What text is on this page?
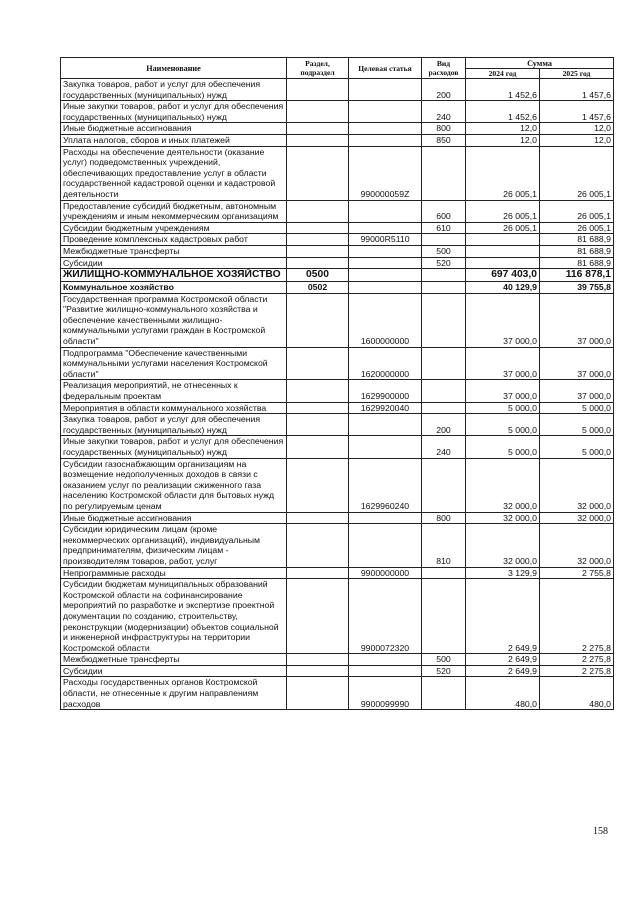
Наименование	Раздел, подраздел	Целевая статья	Вид расходов	Сумма	
				2024 год	2025 год
Закупка товаров, работ и услуг для обеспечения государственных (муниципальных) нужд			200	1 452,6	1 457,6
Иные закупки товаров, работ и услуг для обеспечения государственных (муниципальных) нужд			240	1 452,6	1 457,6
Иные бюджетные ассигнования			800	12,0	12,0
Уплата налогов, сборов и иных платежей			850	12,0	12,0
Расходы на обеспечение деятельности (оказание услуг) подведомственных учреждений, обеспечивающих предоставление услуг в области государственной кадастровой оценки и кадастровой деятельности		990000059Z		26 005,1	26 005,1
Предоставление субсидий бюджетным, автономным учреждениям и иным некоммерческим организациям			600	26 005,1	26 005,1
Субсидии бюджетным учреждениям			610	26 005,1	26 005,1
Проведение комплексных кадастровых работ		99000R5110			81 688,9
Межбюджетные трансферты			500		81 688,9
Субсидии			520		81 688,9
ЖИЛИЩНО-КОММУНАЛЬНОЕ ХОЗЯЙСТВО	0500			697 403,0	116 878,1
Коммунальное хозяйство	0502			40 129,9	39 755,8
Государственная программа Костромской области "Развитие жилищно-коммунального хозяйства и обеспечение качественными жилищно-коммунальными услугами граждан в Костромской области"		1600000000		37 000,0	37 000,0
Подпрограмма "Обеспечение качественными коммунальными услугами населения Костромской области"		1620000000		37 000,0	37 000,0
Реализация мероприятий, не отнесенных к федеральным проектам		1629900000		37 000,0	37 000,0
Мероприятия в области коммунального хозяйства		1629920040		5 000,0	5 000,0
Закупка товаров, работ и услуг для обеспечения государственных (муниципальных) нужд			200	5 000,0	5 000,0
Иные закупки товаров, работ и услуг для обеспечения государственных (муниципальных) нужд			240	5 000,0	5 000,0
Субсидии газоснабжающим организациям на возмещение недополученных доходов в связи с оказанием услуг по реализации сжиженного газа населению Костромской области для бытовых нужд по регулируемым ценам		1629960240		32 000,0	32 000,0
Иные бюджетные ассигнования			800	32 000,0	32 000,0
Субсидии юридическим лицам (кроме некоммерческих организаций), индивидуальным предпринимателям, физическим лицам - производителям товаров, работ, услуг			810	32 000,0	32 000,0
Непрограммные расходы		9900000000		3 129,9	2 755,8
Субсидии бюджетам муниципальных образований Костромской области на софинансирование мероприятий по разработке и экспертизе проектной документации по созданию, строительству, реконструкции (модернизации) объектов социальной и инженерной инфраструктуры на территории Костромской области		9900072320		2 649,9	2 275,8
Межбюджетные трансферты			500	2 649,9	2 275,8
Субсидии			520	2 649,9	2 275,8
Расходы государственных органов Костромской области, не отнесенные к другим направлениям расходов		9900099990		480,0	480,0
158
